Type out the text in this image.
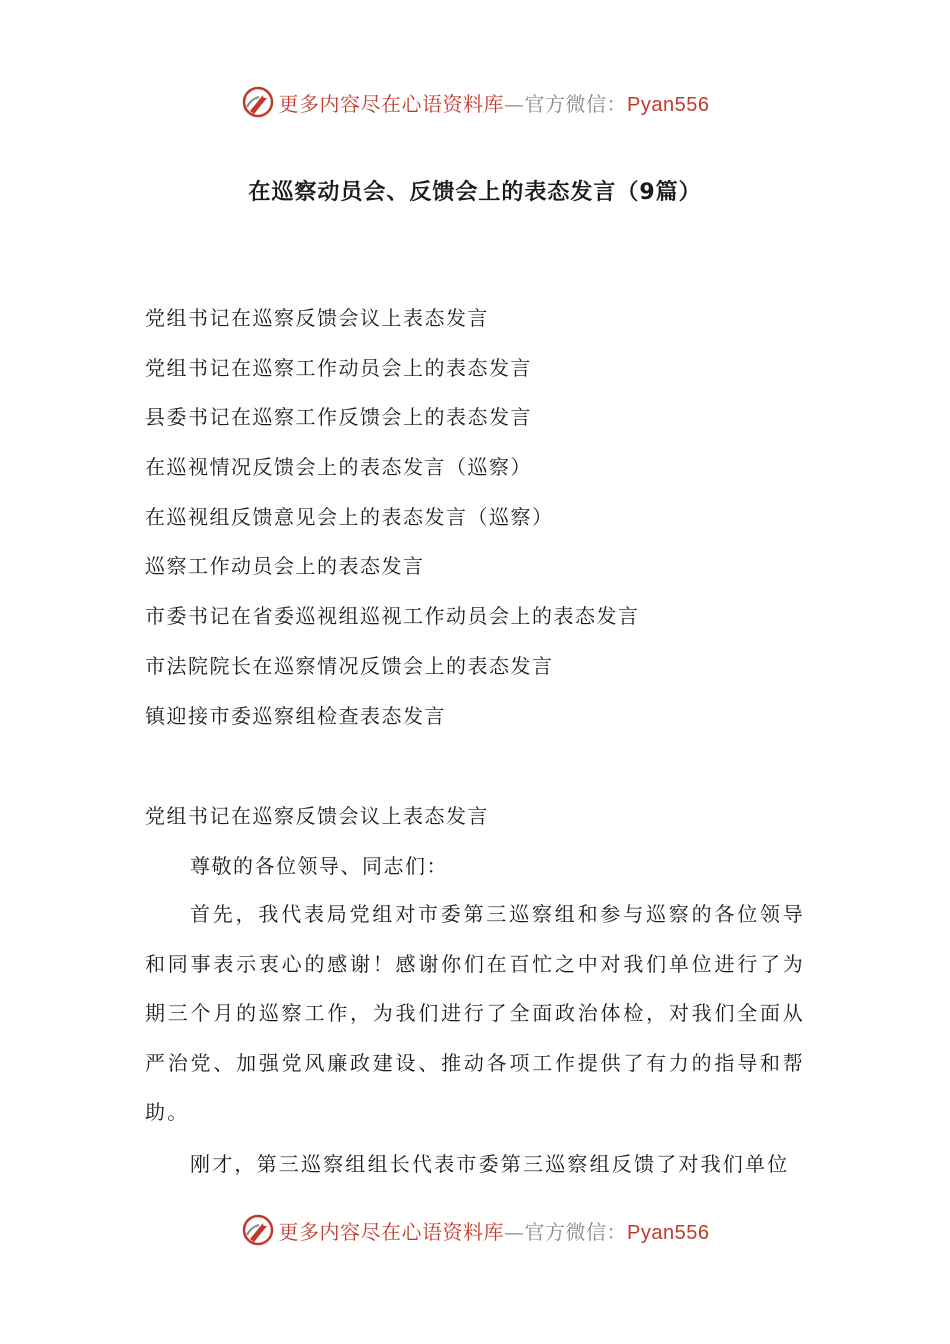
更多内容尽在心语资料库—官方微信：Pyan556
在巡察动员会、反馈会上的表态发言（9篇）
党组书记在巡察反馈会议上表态发言
党组书记在巡察工作动员会上的表态发言
县委书记在巡察工作反馈会上的表态发言
在巡视情况反馈会上的表态发言（巡察）
在巡视组反馈意见会上的表态发言（巡察）
巡察工作动员会上的表态发言
市委书记在省委巡视组巡视工作动员会上的表态发言
市法院院长在巡察情况反馈会上的表态发言
镇迎接市委巡察组检查表态发言
党组书记在巡察反馈会议上表态发言
尊敬的各位领导、同志们：

首先，我代表局党组对市委第三巡察组和参与巡察的各位领导和同事表示衷心的感谢！感谢你们在百忙之中对我们单位进行了为期三个月的巡察工作，为我们进行了全面政治体检，对我们全面从严治党、加强党风廉政建设、推动各项工作提供了有力的指导和帮助。

刚才，第三巡察组组长代表市委第三巡察组反馈了对我们单位

更多内容尽在心语资料库—官方微信：Pyan556
